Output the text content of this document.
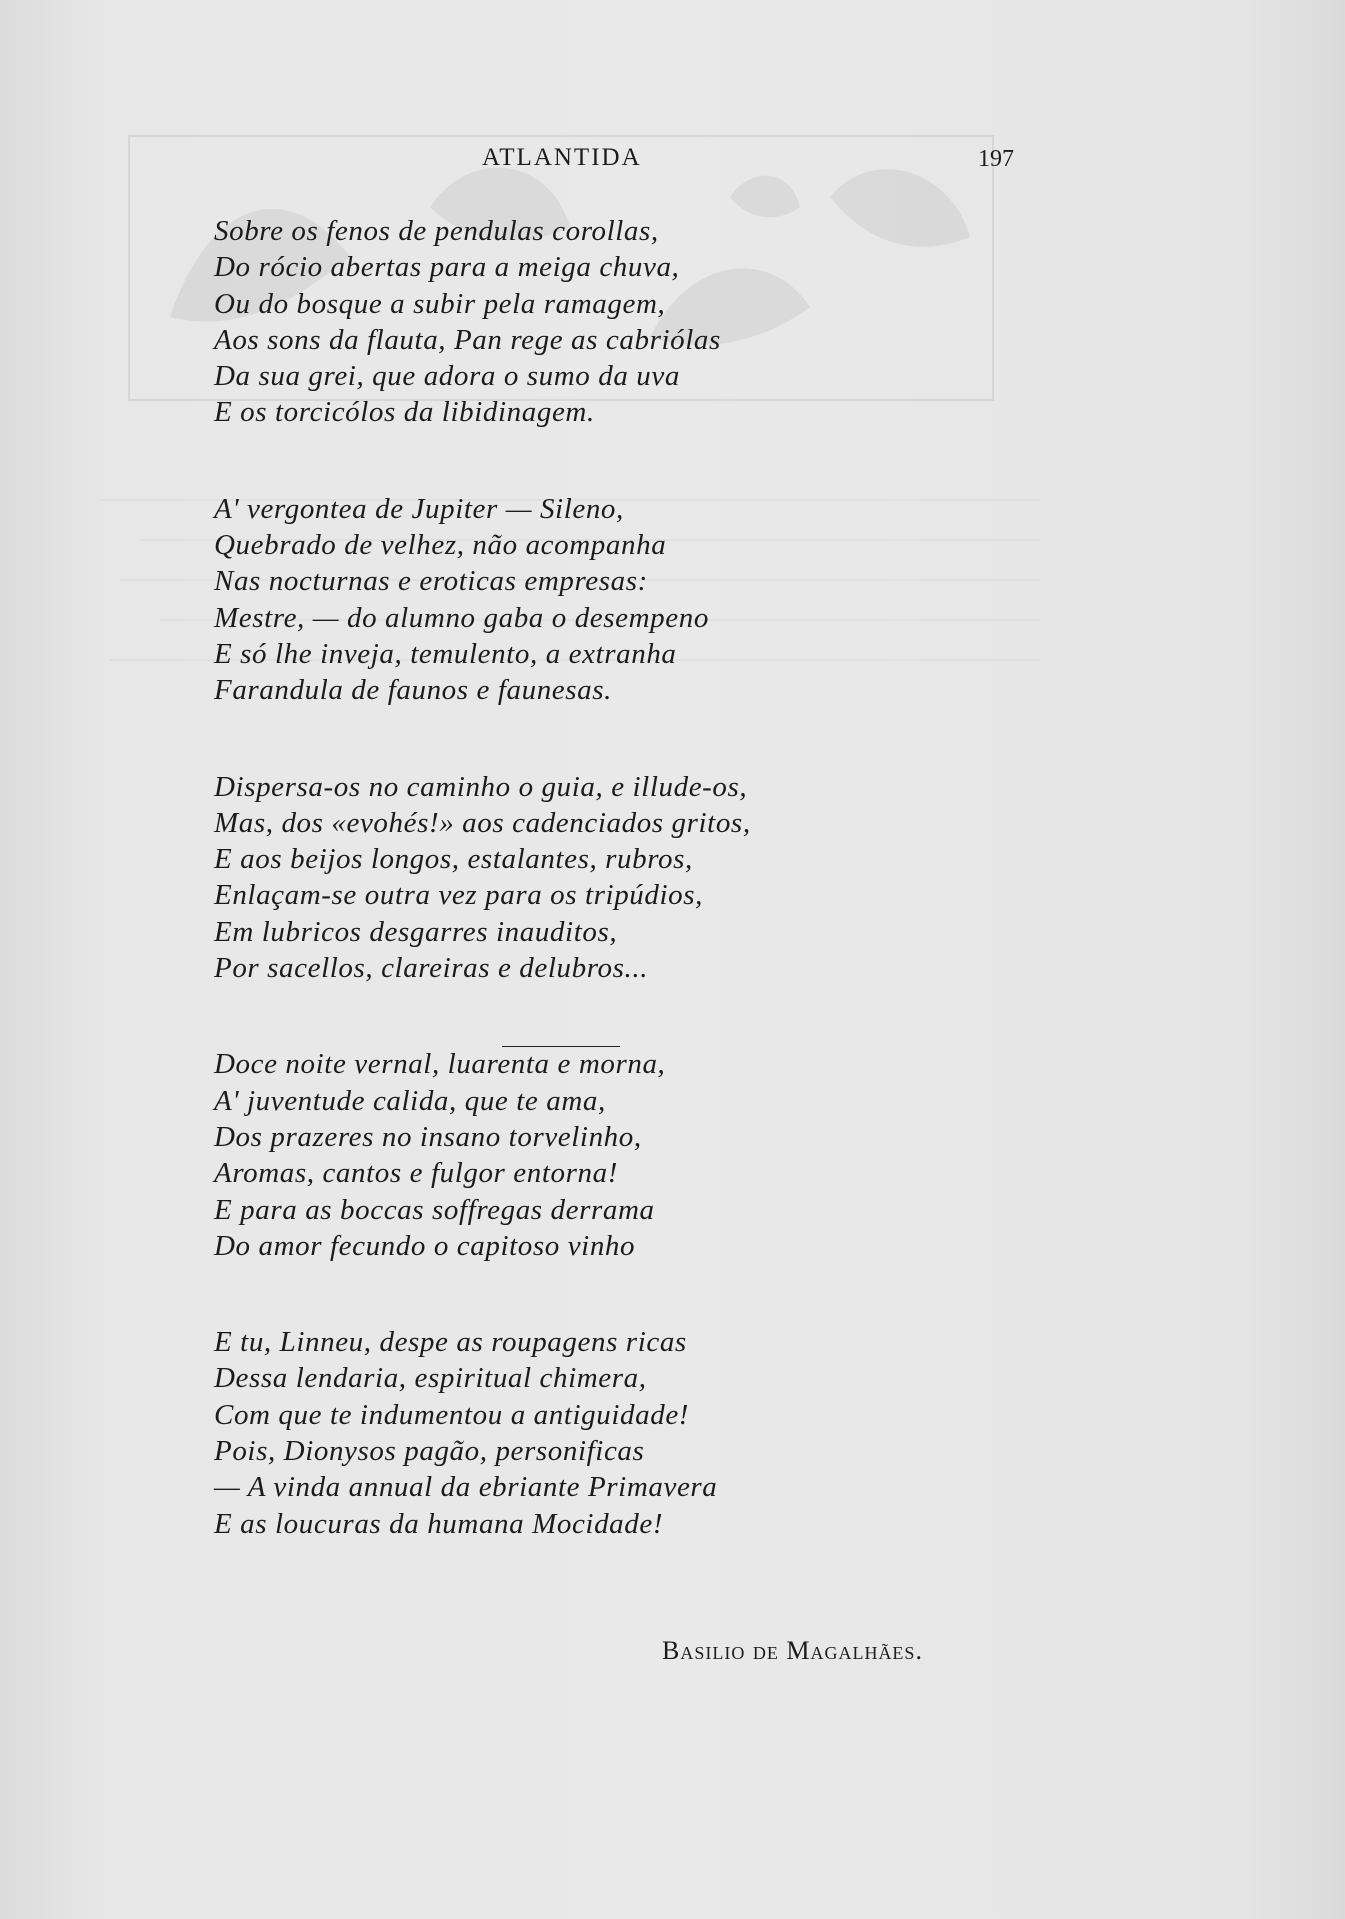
ATLANTIDA	197
Sobre os fenos de pendulas corollas,
Do rócio abertas para a meiga chuva,
Ou do bosque a subir pela ramagem,
Aos sons da flauta, Pan rege as cabriólas
Da sua grei, que adora o sumo da uva
E os torcicólos da libidinagem.
A' vergontea de Jupiter — Sileno,
Quebrado de velhez, não acompanha
Nas nocturnas e eroticas empresas:
Mestre, — do alumno gaba o desempeno
E só lhe inveja, temulento, a extranha
Farandula de faunos e faunesas.
Dispersa-os no caminho o guia, e illude-os,
Mas, dos «evohés!» aos cadenciados gritos,
E aos beijos longos, estalantes, rubros,
Enlaçam-se outra vez para os tripúdios,
Em lubricos desgarres inauditos,
Por sacellos, clareiras e delubros...
Doce noite vernal, luarenta e morna,
A' juventude calida, que te ama,
Dos prazeres no insano torvelinho,
Aromas, cantos e fulgor entorna!
E para as boccas soffregas derrama
Do amor fecundo o capitoso vinho
E tu, Linneu, despe as roupagens ricas
Dessa lendaria, espiritual chimera,
Com que te indumentou a antiguidade!
Pois, Dionysos pagão, personificas
— A vinda annual da ebriante Primavera
E as loucuras da humana Mocidade!
Basilio de Magalhães.
